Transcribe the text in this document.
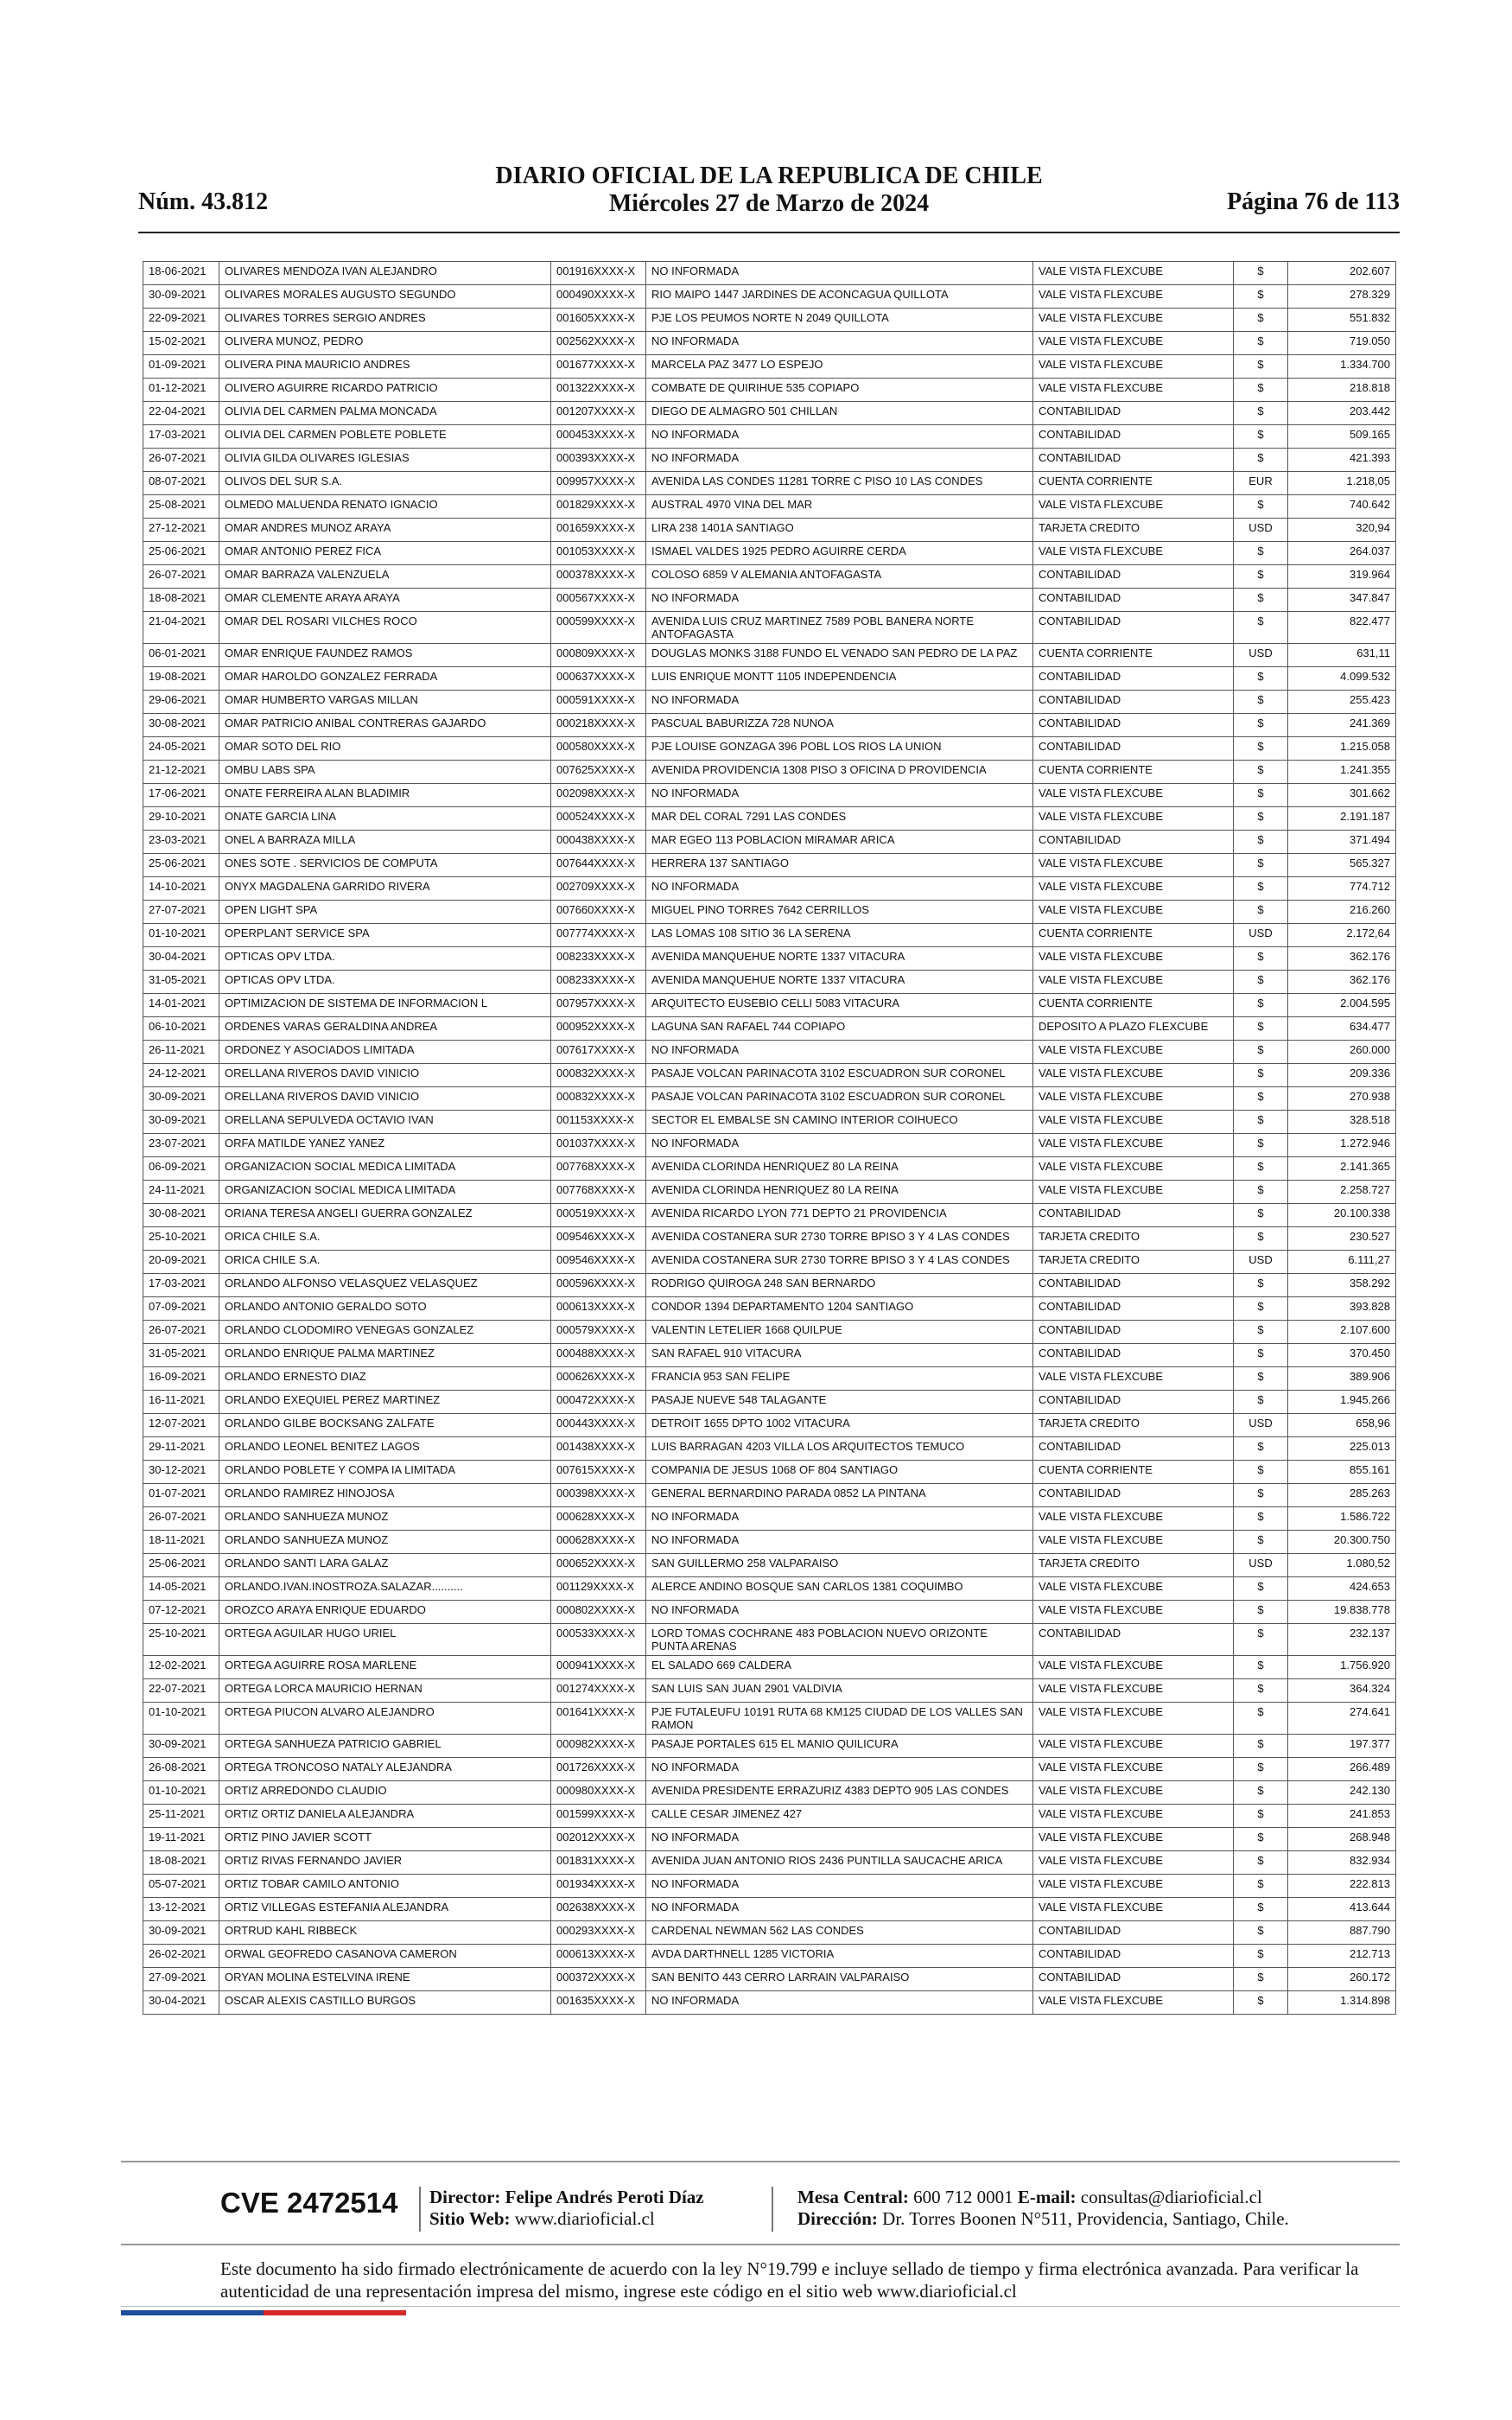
Núm. 43.812
DIARIO OFICIAL DE LA REPUBLICA DE CHILE
Miércoles 27 de Marzo de 2024	Página 76 de 113
18-06-2021	OLIVARES MENDOZA IVAN ALEJANDRO	001916XXXX-X	NO INFORMADA	VALE VISTA FLEXCUBE	$	202.607
30-09-2021	OLIVARES MORALES AUGUSTO SEGUNDO	000490XXXX-X	RIO MAIPO 1447 JARDINES DE ACONCAGUA QUILLOTA	VALE VISTA FLEXCUBE	$	278.329
22-09-2021	OLIVARES TORRES SERGIO ANDRES	001605XXXX-X	PJE LOS PEUMOS NORTE N 2049 QUILLOTA	VALE VISTA FLEXCUBE	$	551.832
15-02-2021	OLIVERA MUNOZ, PEDRO	002562XXXX-X	NO INFORMADA	VALE VISTA FLEXCUBE	$	719.050
01-09-2021	OLIVERA PINA MAURICIO ANDRES	001677XXXX-X	MARCELA PAZ 3477 LO ESPEJO	VALE VISTA FLEXCUBE	$	1.334.700
01-12-2021	OLIVERO AGUIRRE RICARDO PATRICIO	001322XXXX-X	COMBATE DE QUIRIHUE 535 COPIAPO	VALE VISTA FLEXCUBE	$	218.818
22-04-2021	OLIVIA DEL CARMEN PALMA MONCADA	001207XXXX-X	DIEGO DE ALMAGRO 501 CHILLAN	CONTABILIDAD	$	203.442
17-03-2021	OLIVIA DEL CARMEN POBLETE POBLETE	000453XXXX-X	NO INFORMADA	CONTABILIDAD	$	509.165
26-07-2021	OLIVIA GILDA OLIVARES IGLESIAS	000393XXXX-X	NO INFORMADA	CONTABILIDAD	$	421.393
08-07-2021	OLIVOS DEL SUR S.A.	009957XXXX-X	AVENIDA LAS CONDES 11281 TORRE C PISO 10 LAS CONDES	CUENTA CORRIENTE	EUR	1.218,05
25-08-2021	OLMEDO MALUENDA RENATO IGNACIO	001829XXXX-X	AUSTRAL 4970 VINA DEL MAR	VALE VISTA FLEXCUBE	$	740.642
27-12-2021	OMAR ANDRES MUNOZ ARAYA	001659XXXX-X	LIRA 238 1401A SANTIAGO	TARJETA CREDITO	USD	320,94
25-06-2021	OMAR ANTONIO PEREZ FICA	001053XXXX-X	ISMAEL VALDES 1925 PEDRO AGUIRRE CERDA	VALE VISTA FLEXCUBE	$	264.037
26-07-2021	OMAR BARRAZA VALENZUELA	000378XXXX-X	COLOSO 6859 V ALEMANIA ANTOFAGASTA	CONTABILIDAD	$	319.964
18-08-2021	OMAR CLEMENTE ARAYA ARAYA	000567XXXX-X	NO INFORMADA	CONTABILIDAD	$	347.847
21-04-2021	OMAR DEL ROSARI VILCHES ROCO	000599XXXX-X	AVENIDA LUIS CRUZ MARTINEZ 7589 POBL BANERA NORTE ANTOFAGASTA	CONTABILIDAD	$	822.477
06-01-2021	OMAR ENRIQUE FAUNDEZ RAMOS	000809XXXX-X	DOUGLAS MONKS 3188 FUNDO EL VENADO SAN PEDRO DE LA PAZ	CUENTA CORRIENTE	USD	631,11
19-08-2021	OMAR HAROLDO GONZALEZ FERRADA	000637XXXX-X	LUIS ENRIQUE MONTT 1105 INDEPENDENCIA	CONTABILIDAD	$	4.099.532
29-06-2021	OMAR HUMBERTO VARGAS MILLAN	000591XXXX-X	NO INFORMADA	CONTABILIDAD	$	255.423
30-08-2021	OMAR PATRICIO ANIBAL CONTRERAS GAJARDO	000218XXXX-X	PASCUAL BABURIZZA 728 NUNOA	CONTABILIDAD	$	241.369
24-05-2021	OMAR SOTO DEL RIO	000580XXXX-X	PJE LOUISE GONZAGA 396 POBL LOS RIOS LA UNION	CONTABILIDAD	$	1.215.058
21-12-2021	OMBU LABS SPA	007625XXXX-X	AVENIDA PROVIDENCIA 1308 PISO 3 OFICINA D PROVIDENCIA	CUENTA CORRIENTE	$	1.241.355
17-06-2021	ONATE FERREIRA ALAN BLADIMIR	002098XXXX-X	NO INFORMADA	VALE VISTA FLEXCUBE	$	301.662
29-10-2021	ONATE GARCIA LINA	000524XXXX-X	MAR DEL CORAL 7291 LAS CONDES	VALE VISTA FLEXCUBE	$	2.191.187
23-03-2021	ONEL A BARRAZA MILLA	000438XXXX-X	MAR EGEO 113 POBLACION MIRAMAR ARICA	CONTABILIDAD	$	371.494
25-06-2021	ONES SOTE . SERVICIOS DE COMPUTA	007644XXXX-X	HERRERA 137 SANTIAGO	VALE VISTA FLEXCUBE	$	565.327
14-10-2021	ONYX MAGDALENA GARRIDO RIVERA	002709XXXX-X	NO INFORMADA	VALE VISTA FLEXCUBE	$	774.712
27-07-2021	OPEN LIGHT SPA	007660XXXX-X	MIGUEL PINO TORRES 7642 CERRILLOS	VALE VISTA FLEXCUBE	$	216.260
01-10-2021	OPERPLANT SERVICE SPA	007774XXXX-X	LAS LOMAS 108 SITIO 36 LA SERENA	CUENTA CORRIENTE	USD	2.172,64
30-04-2021	OPTICAS OPV LTDA.	008233XXXX-X	AVENIDA MANQUEHUE NORTE 1337 VITACURA	VALE VISTA FLEXCUBE	$	362.176
31-05-2021	OPTICAS OPV LTDA.	008233XXXX-X	AVENIDA MANQUEHUE NORTE 1337 VITACURA	VALE VISTA FLEXCUBE	$	362.176
14-01-2021	OPTIMIZACION DE SISTEMA DE INFORMACION L	007957XXXX-X	ARQUITECTO EUSEBIO CELLI 5083 VITACURA	CUENTA CORRIENTE	$	2.004.595
06-10-2021	ORDENES VARAS GERALDINA ANDREA	000952XXXX-X	LAGUNA SAN RAFAEL 744 COPIAPO	DEPOSITO A PLAZO FLEXCUBE	$	634.477
26-11-2021	ORDONEZ Y ASOCIADOS LIMITADA	007617XXXX-X	NO INFORMADA	VALE VISTA FLEXCUBE	$	260.000
24-12-2021	ORELLANA RIVEROS DAVID VINICIO	000832XXXX-X	PASAJE VOLCAN PARINACOTA 3102 ESCUADRON SUR CORONEL	VALE VISTA FLEXCUBE	$	209.336
30-09-2021	ORELLANA RIVEROS DAVID VINICIO	000832XXXX-X	PASAJE VOLCAN PARINACOTA 3102 ESCUADRON SUR CORONEL	VALE VISTA FLEXCUBE	$	270.938
30-09-2021	ORELLANA SEPULVEDA OCTAVIO IVAN	001153XXXX-X	SECTOR EL EMBALSE SN CAMINO INTERIOR COIHUECO	VALE VISTA FLEXCUBE	$	328.518
23-07-2021	ORFA MATILDE YANEZ YANEZ	001037XXXX-X	NO INFORMADA	VALE VISTA FLEXCUBE	$	1.272.946
06-09-2021	ORGANIZACION SOCIAL MEDICA LIMITADA	007768XXXX-X	AVENIDA CLORINDA HENRIQUEZ 80 LA REINA	VALE VISTA FLEXCUBE	$	2.141.365
24-11-2021	ORGANIZACION SOCIAL MEDICA LIMITADA	007768XXXX-X	AVENIDA CLORINDA HENRIQUEZ 80 LA REINA	VALE VISTA FLEXCUBE	$	2.258.727
30-08-2021	ORIANA TERESA ANGELI GUERRA GONZALEZ	000519XXXX-X	AVENIDA RICARDO LYON 771 DEPTO 21 PROVIDENCIA	CONTABILIDAD	$	20.100.338
25-10-2021	ORICA CHILE S.A.	009546XXXX-X	AVENIDA COSTANERA SUR 2730 TORRE BPISO 3 Y 4 LAS CONDES	TARJETA CREDITO	$	230.527
20-09-2021	ORICA CHILE S.A.	009546XXXX-X	AVENIDA COSTANERA SUR 2730 TORRE BPISO 3 Y 4 LAS CONDES	TARJETA CREDITO	USD	6.111,27
17-03-2021	ORLANDO ALFONSO VELASQUEZ VELASQUEZ	000596XXXX-X	RODRIGO QUIROGA 248 SAN BERNARDO	CONTABILIDAD	$	358.292
07-09-2021	ORLANDO ANTONIO GERALDO SOTO	000613XXXX-X	CONDOR 1394 DEPARTAMENTO 1204 SANTIAGO	CONTABILIDAD	$	393.828
26-07-2021	ORLANDO CLODOMIRO VENEGAS GONZALEZ	000579XXXX-X	VALENTIN LETELIER 1668 QUILPUE	CONTABILIDAD	$	2.107.600
31-05-2021	ORLANDO ENRIQUE PALMA MARTINEZ	000488XXXX-X	SAN RAFAEL 910 VITACURA	CONTABILIDAD	$	370.450
16-09-2021	ORLANDO ERNESTO DIAZ	000626XXXX-X	FRANCIA 953 SAN FELIPE	VALE VISTA FLEXCUBE	$	389.906
16-11-2021	ORLANDO EXEQUIEL PEREZ MARTINEZ	000472XXXX-X	PASAJE NUEVE 548 TALAGANTE	CONTABILIDAD	$	1.945.266
12-07-2021	ORLANDO GILBE BOCKSANG ZALFATE	000443XXXX-X	DETROIT 1655 DPTO 1002 VITACURA	TARJETA CREDITO	USD	658,96
29-11-2021	ORLANDO LEONEL BENITEZ LAGOS	001438XXXX-X	LUIS BARRAGAN 4203 VILLA LOS ARQUITECTOS TEMUCO	CONTABILIDAD	$	225.013
30-12-2021	ORLANDO POBLETE Y COMPA IA LIMITADA	007615XXXX-X	COMPANIA DE JESUS 1068 OF 804 SANTIAGO	CUENTA CORRIENTE	$	855.161
01-07-2021	ORLANDO RAMIREZ HINOJOSA	000398XXXX-X	GENERAL BERNARDINO PARADA 0852 LA PINTANA	CONTABILIDAD	$	285.263
26-07-2021	ORLANDO SANHUEZA MUNOZ	000628XXXX-X	NO INFORMADA	VALE VISTA FLEXCUBE	$	1.586.722
18-11-2021	ORLANDO SANHUEZA MUNOZ	000628XXXX-X	NO INFORMADA	VALE VISTA FLEXCUBE	$	20.300.750
25-06-2021	ORLANDO SANTI LARA GALAZ	000652XXXX-X	SAN GUILLERMO 258 VALPARAISO	TARJETA CREDITO	USD	1.080,52
14-05-2021	ORLANDO.IVAN.INOSTROZA.SALAZAR..........	001129XXXX-X	ALERCE ANDINO BOSQUE SAN CARLOS 1381 COQUIMBO	VALE VISTA FLEXCUBE	$	424.653
07-12-2021	OROZCO ARAYA ENRIQUE EDUARDO	000802XXXX-X	NO INFORMADA	VALE VISTA FLEXCUBE	$	19.838.778
25-10-2021	ORTEGA AGUILAR HUGO URIEL	000533XXXX-X	LORD TOMAS COCHRANE 483 POBLACION NUEVO ORIZONTE PUNTA ARENAS	CONTABILIDAD	$	232.137
12-02-2021	ORTEGA AGUIRRE ROSA MARLENE	000941XXXX-X	EL SALADO 669 CALDERA	VALE VISTA FLEXCUBE	$	1.756.920
22-07-2021	ORTEGA LORCA MAURICIO HERNAN	001274XXXX-X	SAN LUIS SAN JUAN 2901 VALDIVIA	VALE VISTA FLEXCUBE	$	364.324
01-10-2021	ORTEGA PIUCON ALVARO ALEJANDRO	001641XXXX-X	PJE FUTALEUFU 10191 RUTA 68 KM125 CIUDAD DE LOS VALLES SAN RAMON	VALE VISTA FLEXCUBE	$	274.641
30-09-2021	ORTEGA SANHUEZA PATRICIO GABRIEL	000982XXXX-X	PASAJE PORTALES 615 EL MANIO QUILICURA	VALE VISTA FLEXCUBE	$	197.377
26-08-2021	ORTEGA TRONCOSO NATALY ALEJANDRA	001726XXXX-X	NO INFORMADA	VALE VISTA FLEXCUBE	$	266.489
01-10-2021	ORTIZ ARREDONDO CLAUDIO	000980XXXX-X	AVENIDA PRESIDENTE ERRAZURIZ 4383 DEPTO 905 LAS CONDES	VALE VISTA FLEXCUBE	$	242.130
25-11-2021	ORTIZ ORTIZ DANIELA ALEJANDRA	001599XXXX-X	CALLE CESAR JIMENEZ 427	VALE VISTA FLEXCUBE	$	241.853
19-11-2021	ORTIZ PINO JAVIER SCOTT	002012XXXX-X	NO INFORMADA	VALE VISTA FLEXCUBE	$	268.948
18-08-2021	ORTIZ RIVAS FERNANDO JAVIER	001831XXXX-X	AVENIDA JUAN ANTONIO RIOS 2436 PUNTILLA SAUCACHE ARICA	VALE VISTA FLEXCUBE	$	832.934
05-07-2021	ORTIZ TOBAR CAMILO ANTONIO	001934XXXX-X	NO INFORMADA	VALE VISTA FLEXCUBE	$	222.813
13-12-2021	ORTIZ VILLEGAS ESTEFANIA ALEJANDRA	002638XXXX-X	NO INFORMADA	VALE VISTA FLEXCUBE	$	413.644
30-09-2021	ORTRUD KAHL RIBBECK	000293XXXX-X	CARDENAL NEWMAN 562 LAS CONDES	CONTABILIDAD	$	887.790
26-02-2021	ORWAL GEOFREDO CASANOVA CAMERON	000613XXXX-X	AVDA DARTHNELL 1285 VICTORIA	CONTABILIDAD	$	212.713
27-09-2021	ORYAN MOLINA ESTELVINA IRENE	000372XXXX-X	SAN BENITO 443 CERRO LARRAIN VALPARAISO	CONTABILIDAD	$	260.172
30-04-2021	OSCAR ALEXIS CASTILLO BURGOS	001635XXXX-X	NO INFORMADA	VALE VISTA FLEXCUBE	$	1.314.898
CVE 2472514 Director: Felipe Andrés Peroti Díaz
Sitio Web: www.diarioficial.cl
Mesa Central: 600 712 0001 E-mail: consultas@diarioficial.cl
Dirección: Dr. Torres Boonen N°511, Providencia, Santiago, Chile.
Este documento ha sido firmado electrónicamente de acuerdo con la ley N°19.799 e incluye sellado de tiempo y firma electrónica avanzada. Para verificar la autenticidad de una representación impresa del mismo, ingrese este código en el sitio web www.diarioficial.cl
